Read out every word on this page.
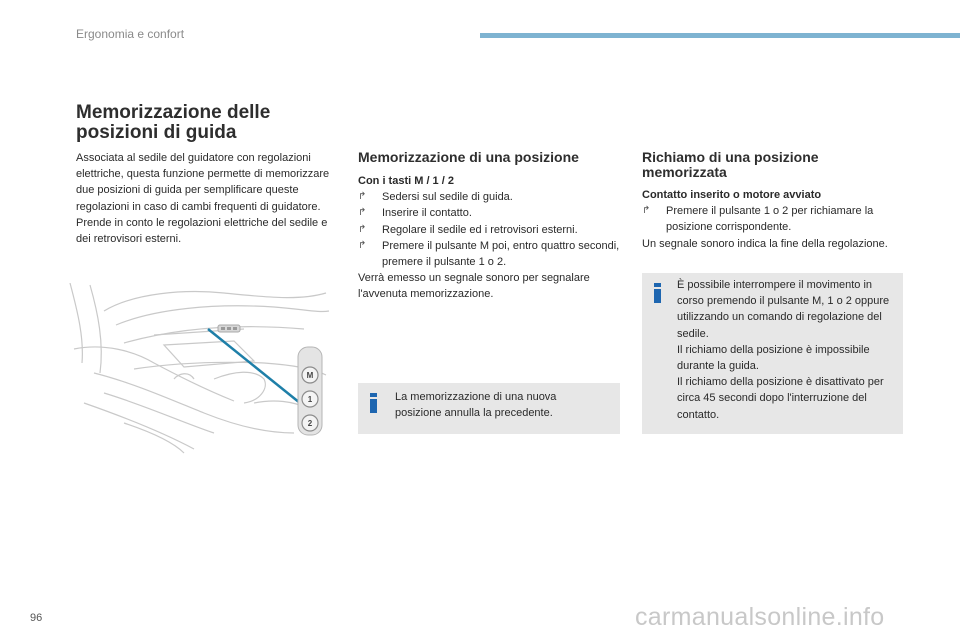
Ergonomia e confort
Memorizzazione delle
posizioni di guida

Associata al sedile del guidatore con regolazioni elettriche, questa funzione permette di memorizzare due posizioni di guida per semplificare queste regolazioni in caso di cambi frequenti di guidatore.

Prende in conto le regolazioni elettriche del sedile e dei retrovisori esterni.

M
1
2
Memorizzazione di una posizione

Con i tasti M / 1 / 2

↱ Sedersi sul sedile di guida.
↱ Inserire il contatto.
↱ Regolare il sedile ed i retrovisori esterni.
↱ Premere il pulsante M poi, entro quattro secondi, premere il pulsante 1 o 2.

Verrà emesso un segnale sonoro per segnalare l'avvenuta memorizzazione.

La memorizzazione di una nuova posizione annulla la precedente.
Richiamo di una posizione
memorizzata

Contatto inserito o motore avviato

↱ Premere il pulsante 1 o 2 per richiamare la posizione corrispondente.

Un segnale sonoro indica la fine della regolazione.

È possibile interrompere il movimento in corso premendo il pulsante M, 1 o 2 oppure utilizzando un comando di regolazione del sedile.
Il richiamo della posizione è impossibile durante la guida.
Il richiamo della posizione è disattivato per circa 45 secondi dopo l'interruzione del contatto.
96	carmanualsonline.info
